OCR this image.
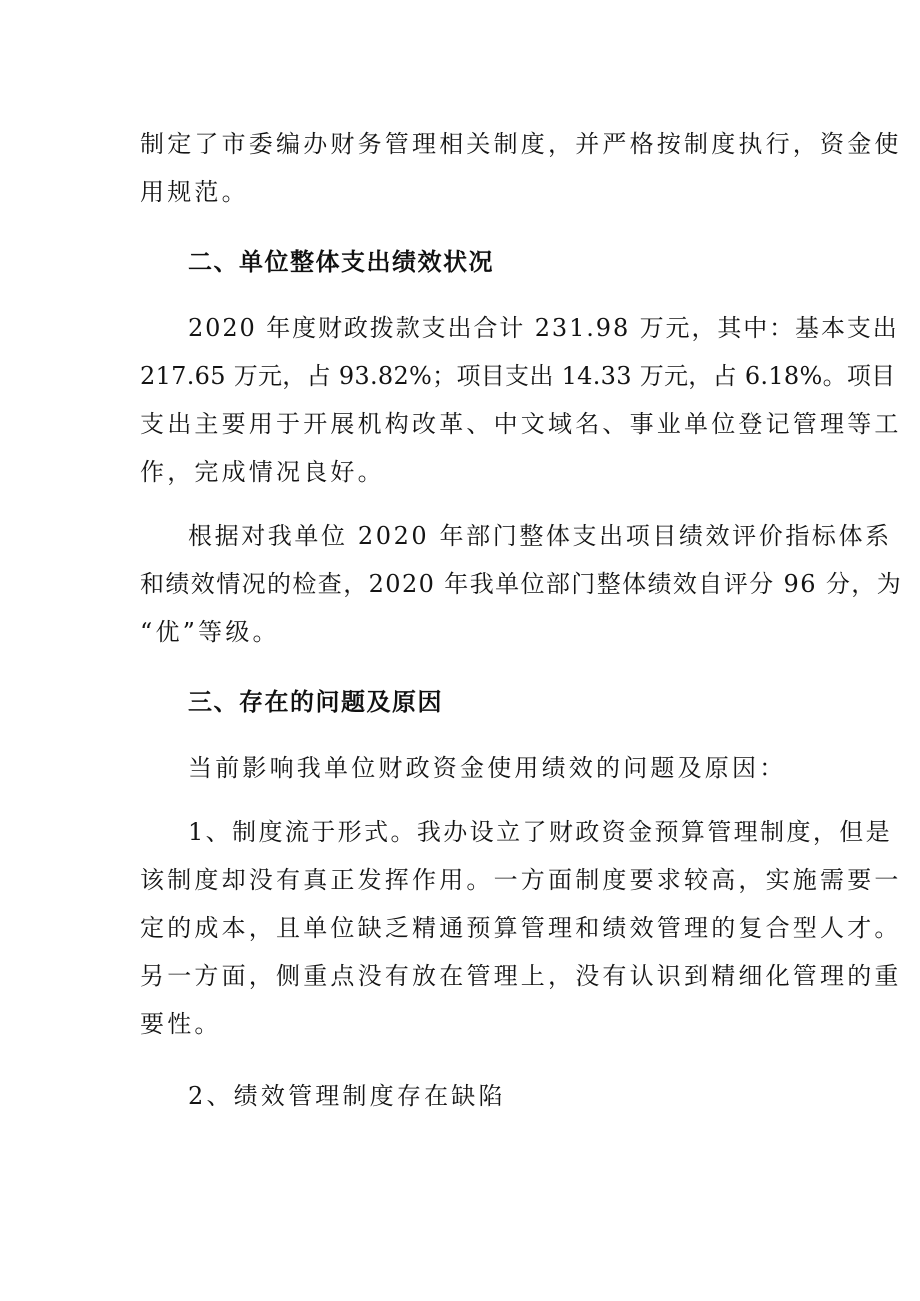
制定了市委编办财务管理相关制度，并严格按制度执行，资金使
用规范。
二、单位整体支出绩效状况
2020 年度财政拨款支出合计 231.98 万元，其中：基本支出
217.65 万元，占 93.82%；项目支出 14.33 万元，占 6.18%。项目
支出主要用于开展机构改革、中文域名、事业单位登记管理等工
作，完成情况良好。
根据对我单位 2020 年部门整体支出项目绩效评价指标体系
和绩效情况的检查，2020 年我单位部门整体绩效自评分 96 分，为
“优”等级。
三、存在的问题及原因
当前影响我单位财政资金使用绩效的问题及原因：
1、制度流于形式。我办设立了财政资金预算管理制度，但是
该制度却没有真正发挥作用。一方面制度要求较高，实施需要一
定的成本，且单位缺乏精通预算管理和绩效管理的复合型人才。
另一方面，侧重点没有放在管理上，没有认识到精细化管理的重
要性。
2、绩效管理制度存在缺陷
